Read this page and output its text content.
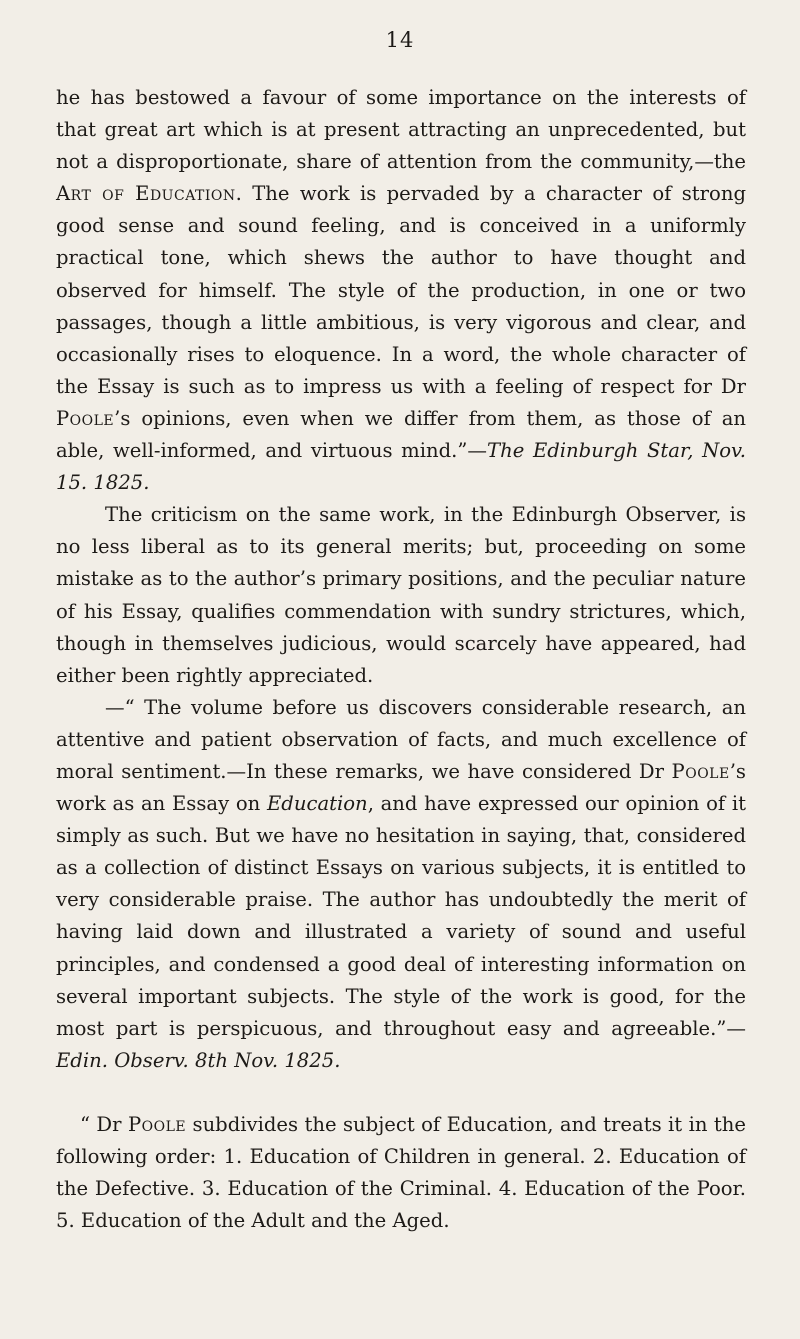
14

he has bestowed a favour of some importance on the interests of that great art which is at present attracting an unprecedented, but not a disproportionate, share of attention from the community,—the Art of Education. The work is pervaded by a character of strong good sense and sound feeling, and is conceived in a uniformly practical tone, which shews the author to have thought and observed for himself. The style of the production, in one or two passages, though a little ambitious, is very vigorous and clear, and occasionally rises to eloquence. In a word, the whole character of the Essay is such as to impress us with a feeling of respect for Dr Poole’s opinions, even when we differ from them, as those of an able, well-informed, and virtuous mind.”—The Edinburgh Star, Nov. 15. 1825.

The criticism on the same work, in the Edinburgh Observer, is no less liberal as to its general merits; but, proceeding on some mistake as to the author’s primary positions, and the peculiar nature of his Essay, qualifies commendation with sundry strictures, which, though in themselves judicious, would scarcely have appeared, had either been rightly appreciated.

—“ The volume before us discovers considerable research, an attentive and patient observation of facts, and much excellence of moral sentiment.—In these remarks, we have considered Dr Poole’s work as an Essay on Education, and have expressed our opinion of it simply as such. But we have no hesitation in saying, that, considered as a collection of distinct Essays on various subjects, it is entitled to very considerable praise. The author has undoubtedly the merit of having laid down and illustrated a variety of sound and useful principles, and condensed a good deal of interesting information on several important subjects. The style of the work is good, for the most part is perspicuous, and throughout easy and agreeable.”—Edin. Observ. 8th Nov. 1825.

“ Dr Poole subdivides the subject of Education, and treats it in the following order: 1. Education of Children in general. 2. Education of the Defective. 3. Education of the Criminal. 4. Education of the Poor. 5. Education of the Adult and the Aged.
